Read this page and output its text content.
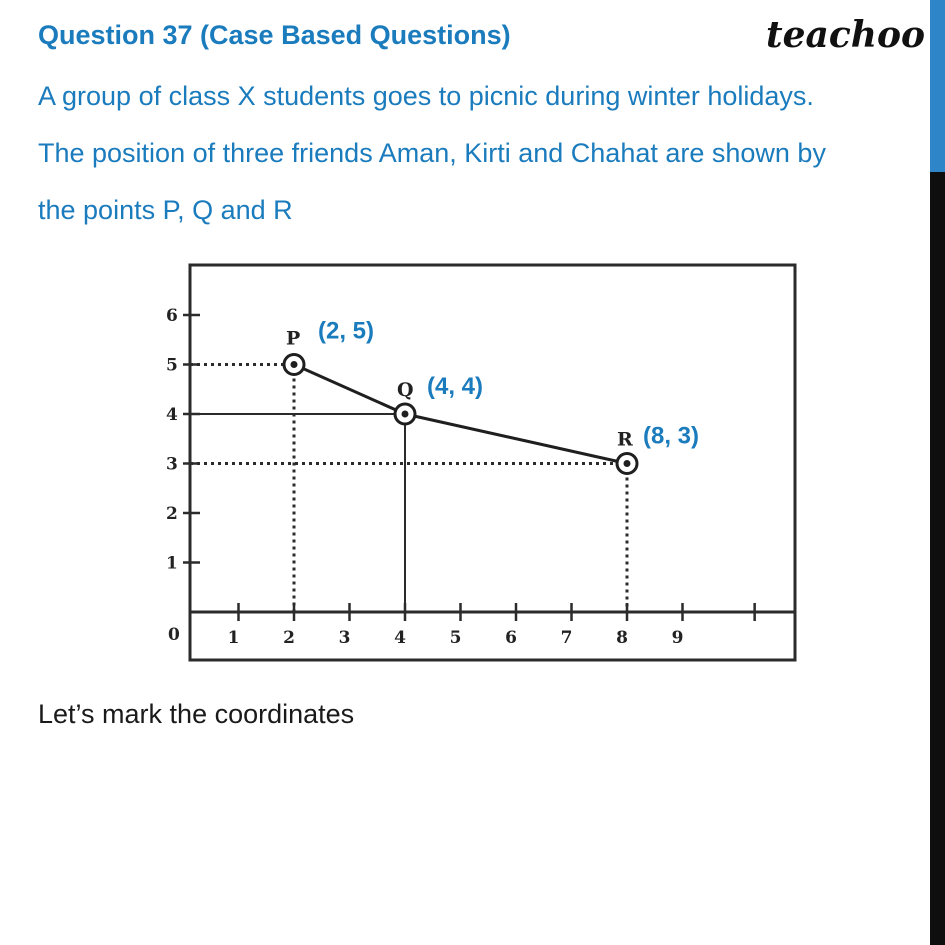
Question 37 (Case Based Questions)	teachoo
A group of class X students goes to picnic during winter holidays.
The position of three friends Aman, Kirti and Chahat are shown by
the points P, Q and R
1	2	3	4	5	6	7	8	9
1
2
3
4
5
6
P (2, 5)
Q (4, 4)
R (8, 3)
0
Let’s mark the coordinates
